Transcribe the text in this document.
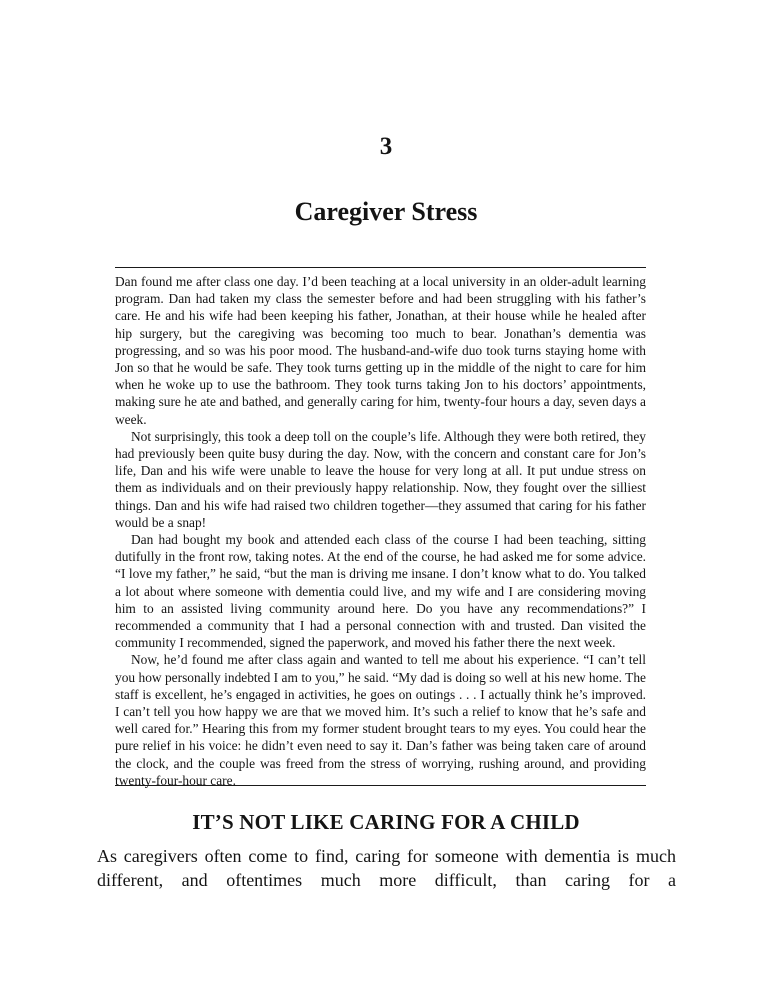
3
Caregiver Stress

Dan found me after class one day. I’d been teaching at a local university in an older-adult learning program. Dan had taken my class the semester before and had been struggling with his father’s care. He and his wife had been keeping his father, Jonathan, at their house while he healed after hip surgery, but the caregiving was becoming too much to bear. Jonathan’s dementia was progressing, and so was his poor mood. The husband-and-wife duo took turns staying home with Jon so that he would be safe. They took turns getting up in the middle of the night to care for him when he woke up to use the bathroom. They took turns taking Jon to his doctors’ appointments, making sure he ate and bathed, and generally caring for him, twenty-four hours a day, seven days a week.

Not surprisingly, this took a deep toll on the couple’s life. Although they were both retired, they had previously been quite busy during the day. Now, with the concern and constant care for Jon’s life, Dan and his wife were unable to leave the house for very long at all. It put undue stress on them as individuals and on their previously happy relationship. Now, they fought over the silliest things. Dan and his wife had raised two children together—they assumed that caring for his father would be a snap!

Dan had bought my book and attended each class of the course I had been teaching, sitting dutifully in the front row, taking notes. At the end of the course, he had asked me for some advice. “I love my father,” he said, “but the man is driving me insane. I don’t know what to do. You talked a lot about where someone with dementia could live, and my wife and I are considering moving him to an assisted living community around here. Do you have any recommendations?” I recommended a community that I had a personal connection with and trusted. Dan visited the community I recommended, signed the paperwork, and moved his father there the next week.

Now, he’d found me after class again and wanted to tell me about his experience. “I can’t tell you how personally indebted I am to you,” he said. “My dad is doing so well at his new home. The staff is excellent, he’s engaged in activities, he goes on outings . . . I actually think he’s improved. I can’t tell you how happy we are that we moved him. It’s such a relief to know that he’s safe and well cared for.” Hearing this from my former student brought tears to my eyes. You could hear the pure relief in his voice: he didn’t even need to say it. Dan’s father was being taken care of around the clock, and the couple was freed from the stress of worrying, rushing around, and providing twenty-four-hour care.

IT’S NOT LIKE CARING FOR A CHILD

As caregivers often come to find, caring for someone with dementia is much different, and oftentimes much more difficult, than caring for a
